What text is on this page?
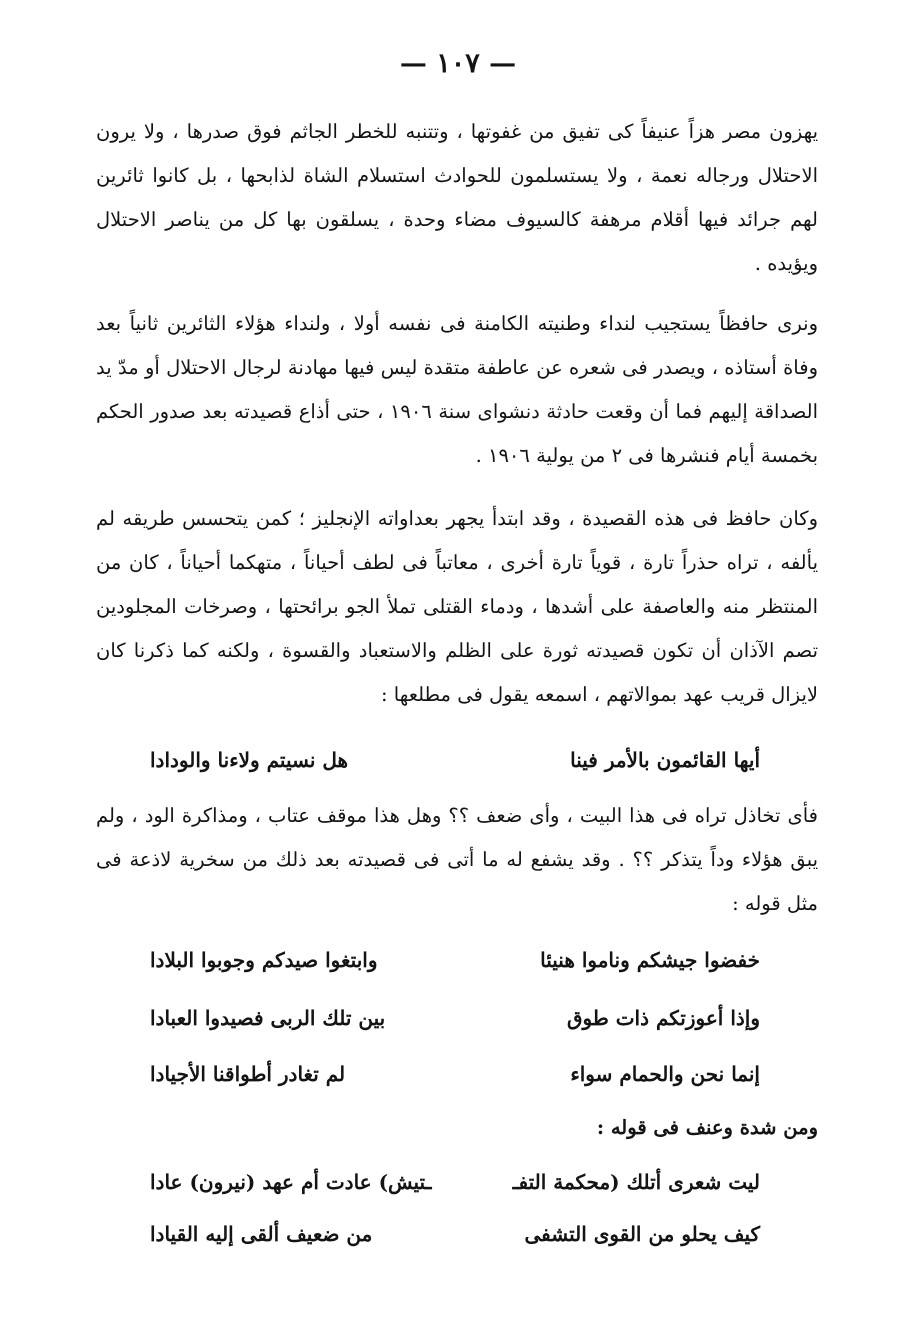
— ١٠٧ —

يهزون مصر هزاً عنيفاً كى تفيق من غفوتها ، وتتنبه للخطر الجاثم فوق صدرها ، ولا يرون الاحتلال ورجاله نعمة ، ولا يستسلمون للحوادث استسلام الشاة لذابحها ، بل كانوا ثائرين لهم جرائد فيها أقلام مرهفة كالسيوف مضاء وحدة ، يسلقون بها كل من يناصر الاحتلال ويؤيده .

ونرى حافظاً يستجيب لنداء وطنيته الكامنة فى نفسه أولا ، ولنداء هؤلاء الثائرين ثانياً بعد وفاة أستاذه ، ويصدر فى شعره عن عاطفة متقدة ليس فيها مهادنة لرجال الاحتلال أو مدّ يد الصداقة إليهم فما أن وقعت حادثة دنشواى سنة ١٩٠٦ ، حتى أذاع قصيدته بعد صدور الحكم بخمسة أيام فنشرها فى ٢ من يولية ١٩٠٦ .

وكان حافظ فى هذه القصيدة ، وقد ابتدأ يجهر بعداواته الإنجليز ؛ كمن يتحسس طريقه لم يألفه ، تراه حذراً تارة ، قوياً تارة أخرى ، معاتباً فى لطف أحياناً ، متهكما أحياناً ، كان من المنتظر منه والعاصفة على أشدها ، ودماء القتلى تملأ الجو برائحتها ، وصرخات المجلودين تصم الآذان أن تكون قصيدته ثورة على الظلم والاستعباد والقسوة ، ولكنه كما ذكرنا كان لايزال قريب عهد بموالاتهم ، اسمعه يقول فى مطلعها :

أيها القائمون بالأمر فينا
هل نسيتم ولاءنا والودادا

فأى تخاذل تراه فى هذا البيت ، وأى ضعف ؟؟ وهل هذا موقف عتاب ، ومذاكرة الود ، ولم يبق هؤلاء وداً يتذكر ؟؟ . وقد يشفع له ما أتى فى قصيدته بعد ذلك من سخرية لاذعة فى مثل قوله :

خفضوا جيشكم وناموا هنيئا
وابتغوا صيدكم وجوبوا البلادا
وإذا أعوزتكم ذات طوق
بين تلك الربى فصيدوا العبادا
إنما نحن والحمام سواء
لم تغادر أطواقنا الأجيادا

ومن شدة وعنف فى قوله :

ليت شعرى أتلك (محكمة التفـ
ـتيش) عادت أم عهد (نيرون) عادا
كيف يحلو من القوى التشفى
من ضعيف ألقى إليه القيادا
